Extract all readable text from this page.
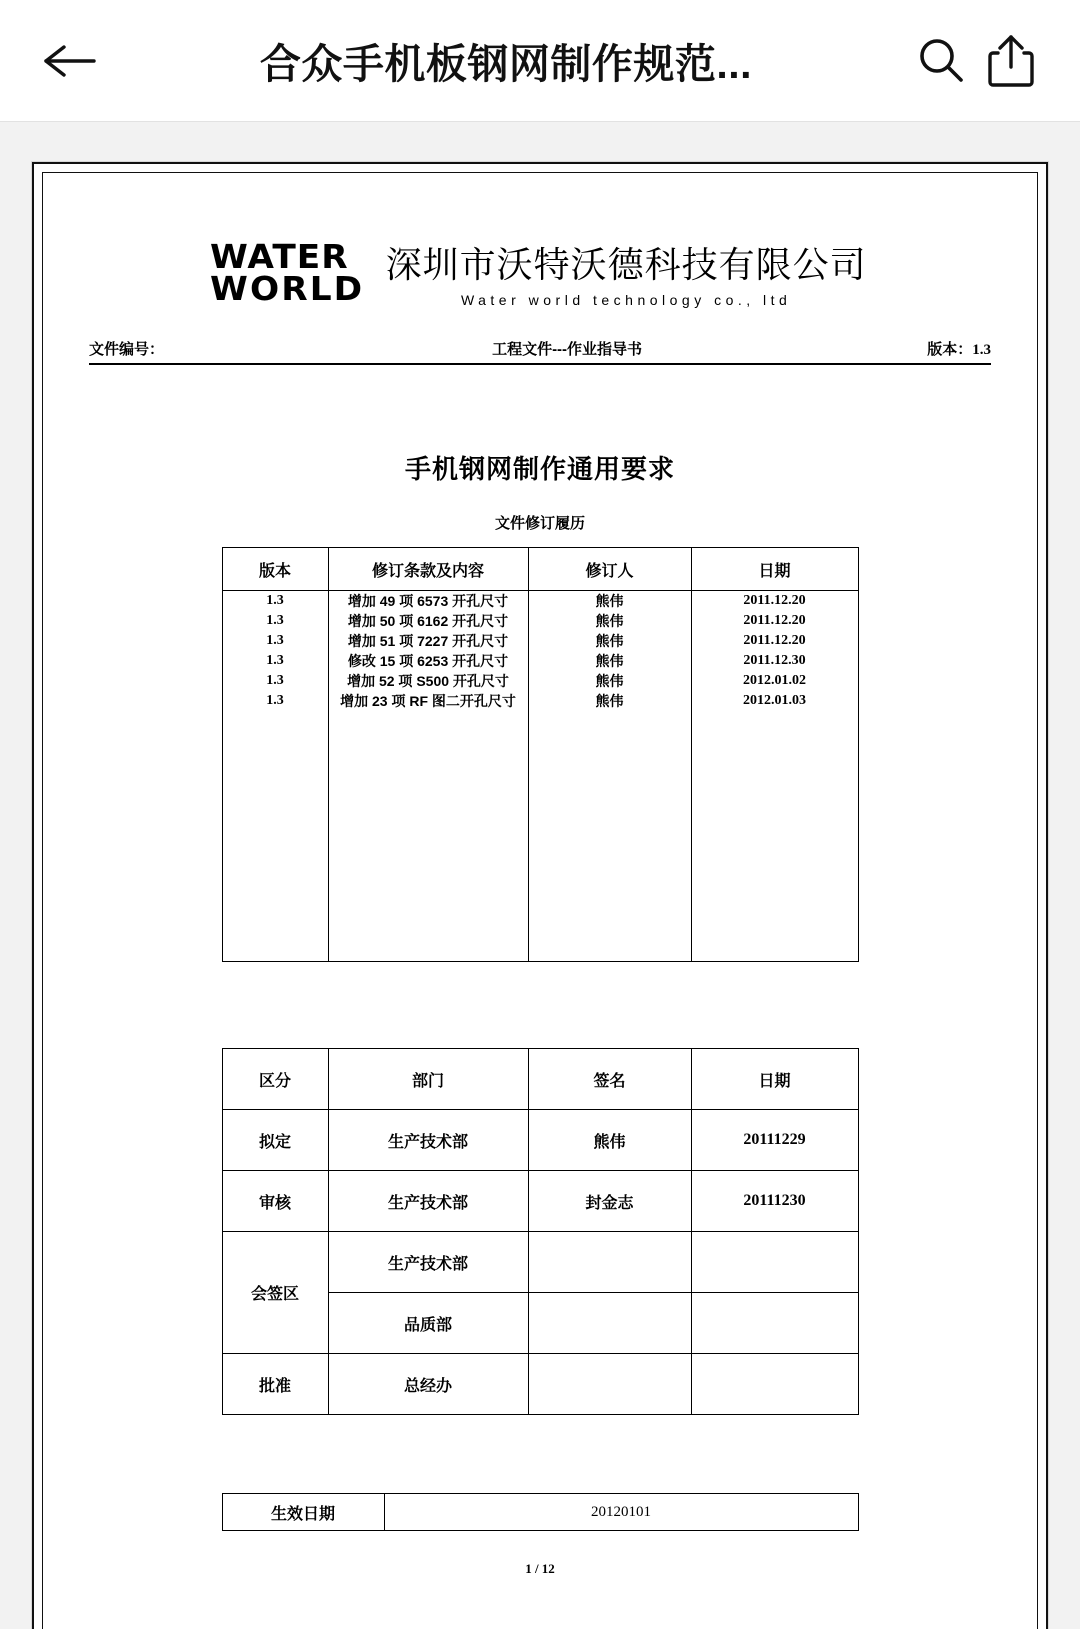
合众手机板钢网制作规范...
WATER
WORLD
深圳市沃特沃德科技有限公司
Water world technology co., ltd
文件编号：	工程文件---作业指导书	版本：1.3
手机钢网制作通用要求
文件修订履历
版本	修订条款及内容	修订人	日期
1.3	增加 49 项 6573 开孔尺寸	熊伟	2011.12.20
1.3	增加 50 项 6162 开孔尺寸	熊伟	2011.12.20
1.3	增加 51 项 7227 开孔尺寸	熊伟	2011.12.20
1.3	修改 15 项 6253 开孔尺寸	熊伟	2011.12.30
1.3	增加 52 项 S500 开孔尺寸	熊伟	2012.01.02
1.3	增加 23 项 RF 图二开孔尺寸	熊伟	2012.01.03

区分	部门	签名	日期
拟定	生产技术部	熊伟	20111229
审核	生产技术部	封金志	20111230
会签区	生产技术部		
	品质部		
批准	总经办		
生效日期	20120101
1 / 12
